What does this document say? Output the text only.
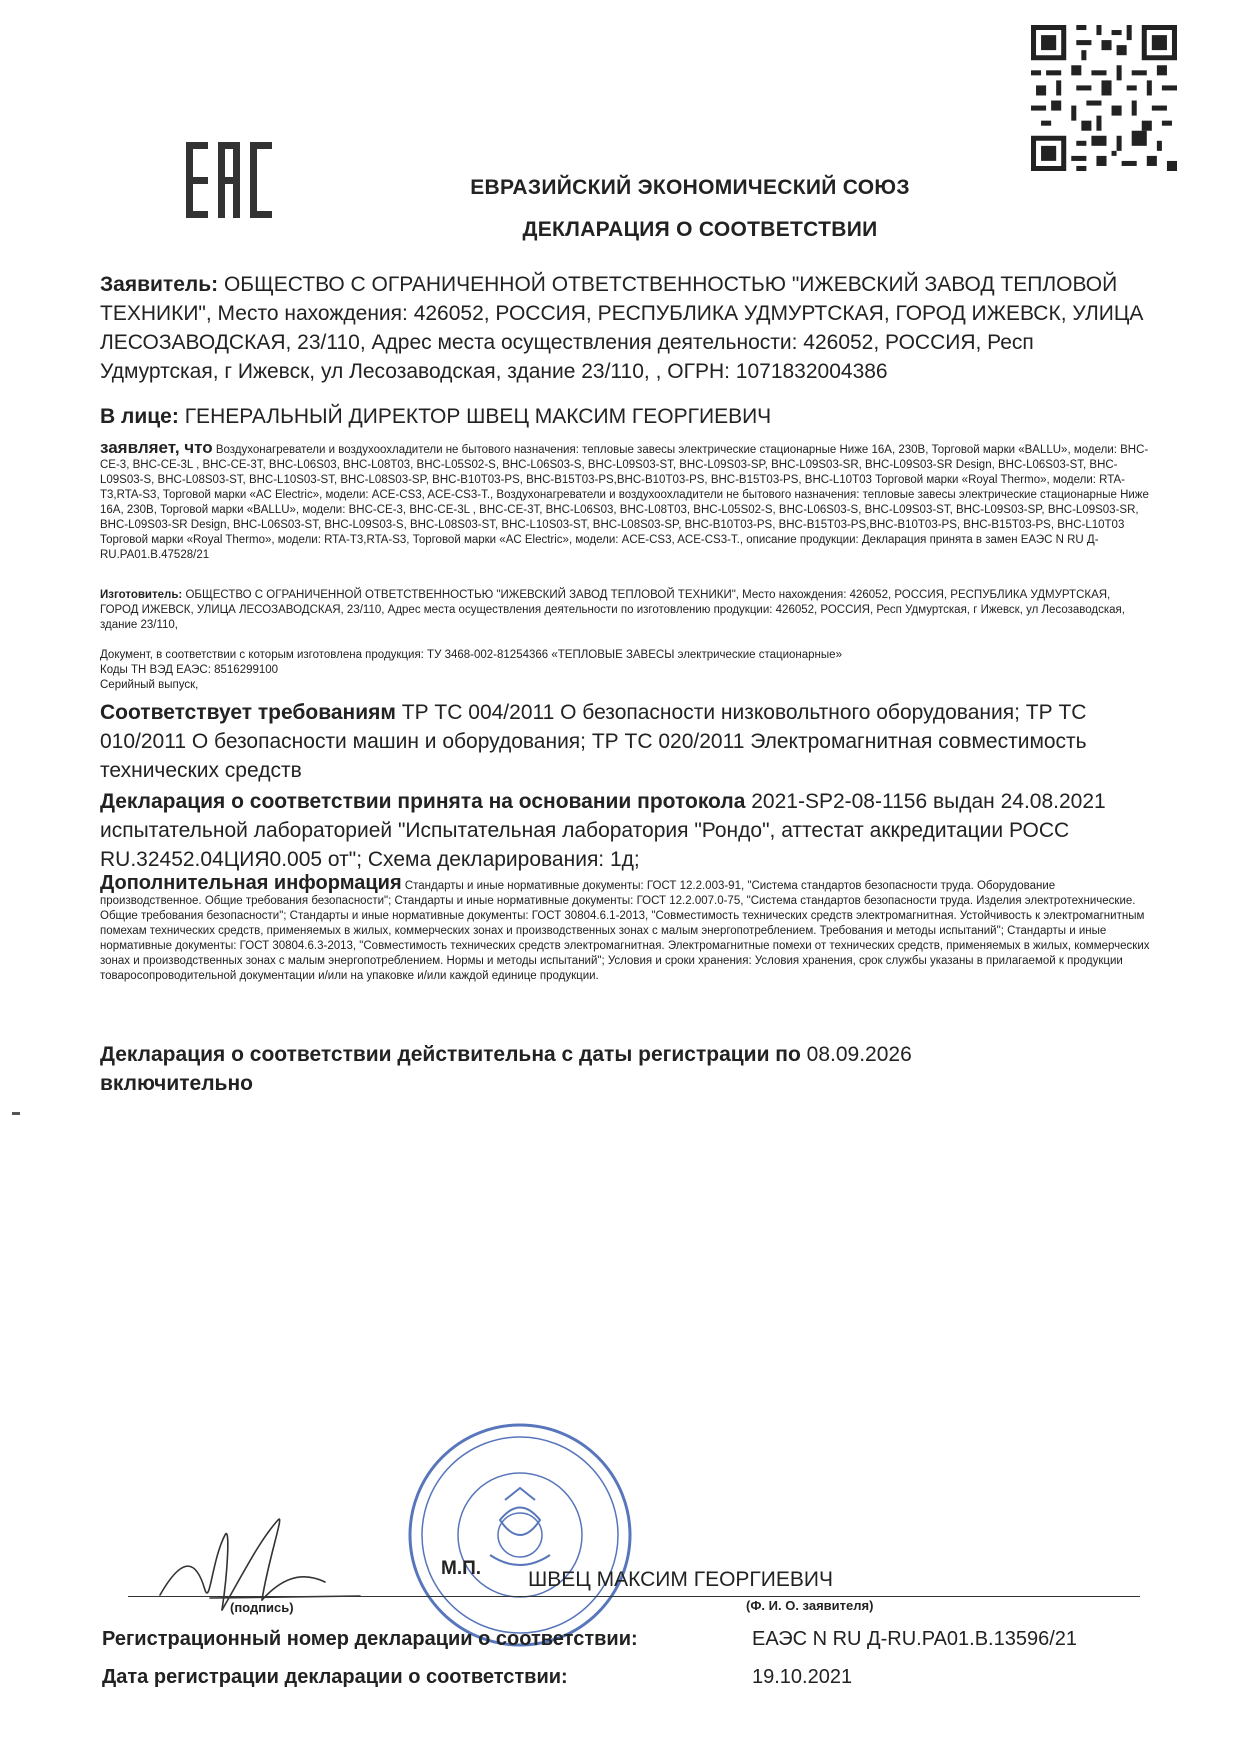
ЕВРАЗИЙСКИЙ ЭКОНОМИЧЕСКИЙ СОЮЗ
ДЕКЛАРАЦИЯ О СООТВЕТСТВИИ
Заявитель: ОБЩЕСТВО С ОГРАНИЧЕННОЙ ОТВЕТСТВЕННОСТЬЮ "ИЖЕВСКИЙ ЗАВОД ТЕПЛОВОЙ ТЕХНИКИ", Место нахождения: 426052, РОССИЯ, РЕСПУБЛИКА УДМУРТСКАЯ, ГОРОД ИЖЕВСК, УЛИЦА ЛЕСОЗАВОДСКАЯ, 23/110, Адрес места осуществления деятельности: 426052, РОССИЯ, Респ Удмуртская, г Ижевск, ул Лесозаводская, здание 23/110, , ОГРН: 1071832004386
В лице: ГЕНЕРАЛЬНЫЙ ДИРЕКТОР ШВЕЦ МАКСИМ ГЕОРГИЕВИЧ
заявляет, что Воздухонагреватели и воздухоохладители не бытового назначения: тепловые завесы электрические стационарные Ниже 16А, 230В, Торговой марки «BALLU», модели: BHC-CE-3, BHC-CE-3L , BHC-CE-3T, BHC-L06S03, BHC-L08T03, BHC-L05S02-S, BHC-L06S03-S, BHC-L09S03-ST, BHC-L09S03-SP, BHC-L09S03-SR, BHC-L09S03-SR Design, BHC-L06S03-ST, BHC-L09S03-S, BHC-L08S03-ST, BHC-L10S03-ST, BHC-L08S03-SP, BHC-B10T03-PS, BHC-B15T03-PS,BHC-B10T03-PS, BHC-B15T03-PS, BHC-L10T03 Торговой марки «Royal Thermo», модели: RTA-T3,RTA-S3, Торговой марки «AC Electric», модели: ACE-CS3, ACE-CS3-T., Воздухонагреватели и воздухоохладители не бытового назначения: тепловые завесы электрические стационарные Ниже 16А, 230В, Торговой марки «BALLU», модели: BHC-CE-3, BHC-CE-3L , BHC-CE-3T, BHC-L06S03, BHC-L08T03, BHC-L05S02-S, BHC-L06S03-S, BHC-L09S03-ST, BHC-L09S03-SP, BHC-L09S03-SR, BHC-L09S03-SR Design, BHC-L06S03-ST, BHC-L09S03-S, BHC-L08S03-ST, BHC-L10S03-ST, BHC-L08S03-SP, BHC-B10T03-PS, BHC-B15T03-PS,BHC-B10T03-PS, BHC-B15T03-PS, BHC-L10T03 Торговой марки «Royal Thermo», модели: RTA-T3,RTA-S3, Торговой марки «AC Electric», модели: ACE-CS3, ACE-CS3-T., описание продукции: Декларация принята в замен ЕАЭС N RU Д-RU.PA01.B.47528/21
Изготовитель: ОБЩЕСТВО С ОГРАНИЧЕННОЙ ОТВЕТСТВЕННОСТЬЮ "ИЖЕВСКИЙ ЗАВОД ТЕПЛОВОЙ ТЕХНИКИ", Место нахождения: 426052, РОССИЯ, РЕСПУБЛИКА УДМУРТСКАЯ, ГОРОД ИЖЕВСК, УЛИЦА ЛЕСОЗАВОДСКАЯ, 23/110, Адрес места осуществления деятельности по изготовлению продукции: 426052, РОССИЯ, Респ Удмуртская, г Ижевск, ул Лесозаводская, здание 23/110,
Документ, в соответствии с которым изготовлена продукция: ТУ 3468-002-81254366 «ТЕПЛОВЫЕ ЗАВЕСЫ электрические стационарные»
Коды ТН ВЭД ЕАЭС: 8516299100
Серийный выпуск,
Соответствует требованиям ТР ТС 004/2011 О безопасности низковольтного оборудования; ТР ТС 010/2011 О безопасности машин и оборудования; ТР ТС 020/2011 Электромагнитная совместимость технических средств
Декларация о соответствии принята на основании протокола 2021-SP2-08-1156 выдан 24.08.2021 испытательной лабораторией "Испытательная лаборатория "Рондо", аттестат аккредитации РОСС RU.32452.04ЦИЯ0.005 от"; Схема декларирования: 1д;
Дополнительная информация Стандарты и иные нормативные документы: ГОСТ 12.2.003-91, "Система стандартов безопасности труда. Оборудование производственное. Общие требования безопасности"; Стандарты и иные нормативные документы: ГОСТ 12.2.007.0-75, "Система стандартов безопасности труда. Изделия электротехнические. Общие требования безопасности"; Стандарты и иные нормативные документы: ГОСТ 30804.6.1-2013, "Совместимость технических средств электромагнитная. Устойчивость к электромагнитным помехам технических средств, применяемых в жилых, коммерческих зонах и производственных зонах с малым энергопотреблением. Требования и методы испытаний"; Стандарты и иные нормативные документы: ГОСТ 30804.6.3-2013, "Совместимость технических средств электромагнитная. Электромагнитные помехи от технических средств, применяемых в жилых, коммерческих зонах и производственных зонах с малым энергопотреблением. Нормы и методы испытаний"; Условия и сроки хранения: Условия хранения, срок службы указаны в прилагаемой к продукции товаросопроводительной документации и/или на упаковке и/или каждой единице продукции.
Декларация о соответствии действительна с даты регистрации по 08.09.2026
включительно
М.П. ШВЕЦ МАКСИМ ГЕОРГИЕВИЧ
(подпись)	(Ф. И. О. заявителя)
Регистрационный номер декларации о соответствии:	ЕАЭС N RU Д-RU.PA01.B.13596/21
Дата регистрации декларации о соответствии:	19.10.2021
